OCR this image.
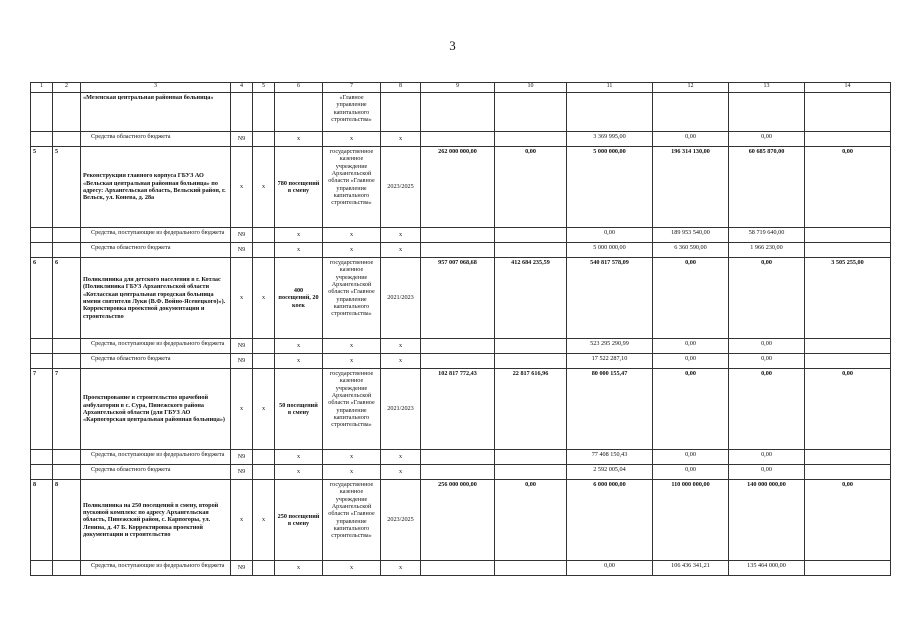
3
1	2	3	4	5	6	7	8	9	10	11	12	13	14
		«Мезенская центральная районная больница»				«Главное управление капитального строительства»							
		Средства областного бюджета	N9		x	x	x			3 369 995,00	0,00	0,00	
5	5	Реконструкция главного корпуса ГБУЗ АО «Вельская центральная районная больница» по адресу: Архангельская область, Вельский район, г. Вельск, ул. Конева, д. 28а	x	x	780 посещений в смену	государственное казенное учреждение Архангельской области «Главное управление капитального строительства»	2023/2025	262 000 000,00	0,00	5 000 000,00	196 314 130,00	60 685 870,00	0,00
		Средства, поступающие из федерального бюджета	N9		x	x	x			0,00	189 953 540,00	58 719 640,00	
		Средства областного бюджета	N9		x	x	x			5 000 000,00	6 360 590,00	1 966 230,00	
6	6	Поликлиника для детского населения в г. Котлас (Поликлиника ГБУЗ Архангельской области «Котласская центральная городская больница имени святителя Луки (В.Ф. Войно-Ясенецкого)»). Корректировка проектной документации и строительство	x	x	400 посещений, 20 коек	государственное казенное учреждение Архангельской области «Главное управление капитального строительства»	2021/2023	957 007 068,68	412 684 235,59	540 817 578,09	0,00	0,00	3 505 255,00
		Средства, поступающие из федерального бюджета	N9		x	x	x			523 295 290,99	0,00	0,00	
		Средства областного бюджета	N9		x	x	x			17 522 287,10	0,00	0,00	
7	7	Проектирование и строительство врачебной амбулатории в с. Сура, Пинежского района Архангельской области (для ГБУЗ АО «Карпогорская центральная районная больница»)	x	x	50 посещений в смену	государственное казенное учреждение Архангельской области «Главное управление капитального строительства»	2021/2023	102 817 772,43	22 817 616,96	80 000 155,47	0,00	0,00	0,00
		Средства, поступающие из федерального бюджета	N9		x	x	x			77 408 150,43	0,00	0,00	
		Средства областного бюджета	N9		x	x	x			2 592 005,04	0,00	0,00	
8	8	Поликлиника на 250 посещений в смену, второй пусковой комплекс по адресу Архангельская область, Пинежский район, с. Карпогоры, ул. Ленина, д. 47 Б. Корректировка проектной документации и строительство	x	x	250 посещений в смену	государственное казенное учреждение Архангельской области «Главное управление капитального строительства»	2023/2025	256 000 000,00	0,00	6 000 000,00	110 000 000,00	140 000 000,00	0,00
		Средства, поступающие из федерального бюджета	N9		x	x	x			0,00	106 436 341,21	135 464 000,00	
